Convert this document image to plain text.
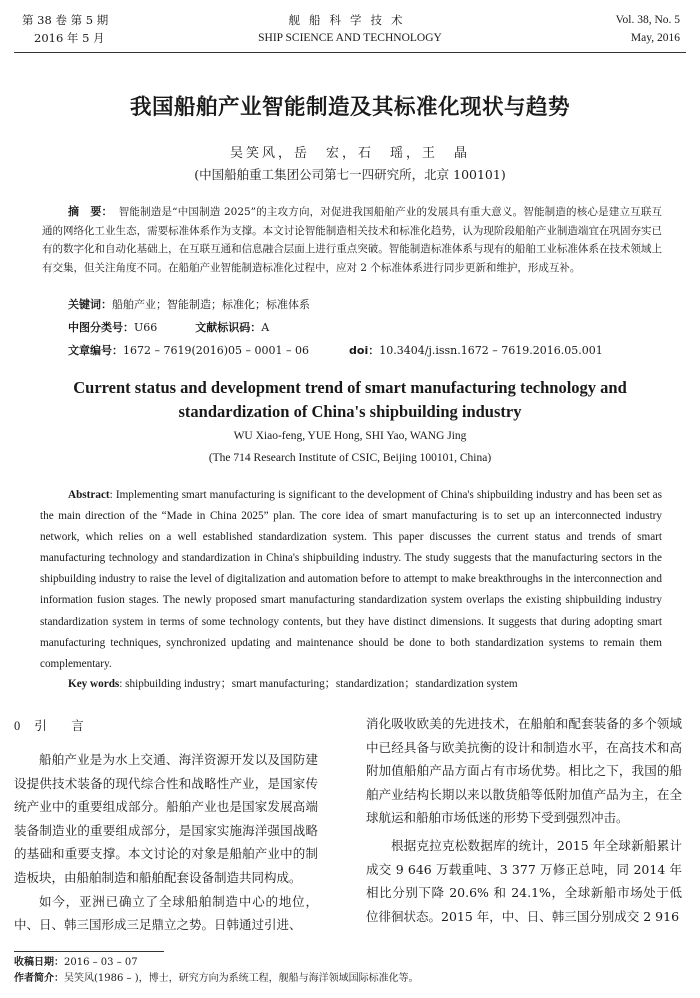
第 38 卷 第 5 期
2016 年 5 月
舰船科学技术
SHIP SCIENCE AND TECHNOLOGY
Vol. 38, No. 5
May, 2016
我国船舶产业智能制造及其标准化现状与趋势
吴笑风，岳　宏，石　瑶，王　晶
(中国船舶重工集团公司第七一四研究所，北京 100101)
摘　要： 智能制造是“中国制造 2025”的主攻方向，对促进我国船舶产业的发展具有重大意义。智能制造的核心是建立互联互通的网络化工业生态，需要标准体系作为支撑。本文讨论智能制造相关技术和标准化趋势，认为现阶段船舶产业制造端宜在巩固夯实已有的数字化和自动化基础上，在互联互通和信息融合层面上进行重点突破。智能制造标准体系与现有的船舶工业标准体系在技术领域上有交集，但关注角度不同。在船舶产业智能制造标准化过程中，应对 2 个标准体系进行同步更新和维护，形成互补。
关键词：船舶产业；智能制造；标准化；标准体系
中图分类号：U66	文献标识码：A
文章编号：1672 – 7619(2016)05 – 0001 – 06	doi：10.3404/j.issn.1672 – 7619.2016.05.001
Current status and development trend of smart manufacturing technology and standardization of China's shipbuilding industry
WU Xiao-feng, YUE Hong, SHI Yao, WANG Jing
(The 714 Research Institute of CSIC, Beijing 100101, China)
Abstract: Implementing smart manufacturing is significant to the development of China's shipbuilding industry and has been set as the main direction of the “Made in China 2025” plan. The core idea of smart manufacturing is to set up an interconnected industry network, which relies on a well established standardization system. This paper discusses the current status and trends of smart manufacturing technology and standardization in China's shipbuilding industry. The study suggests that the manufacturing sectors in the shipbuilding industry to raise the level of digitalization and automation before to attempt to make breakthroughs in the interconnection and information fusion stages. The newly proposed smart manufacturing standardization system overlaps the existing shipbuilding industry standardization system in terms of some technology contents, but they have distinct dimensions. It suggests that during adopting smart manufacturing techniques, synchronized updating and maintenance should be done to both standardization systems to remain them complementary.
Key words: shipbuilding industry；smart manufacturing；standardization；standardization system
0 引　言

船舶产业是为水上交通、海洋资源开发以及国防建设提供技术装备的现代综合性和战略性产业，是国家传统产业中的重要组成部分。船舶产业也是国家发展高端装备制造业的重要组成部分，是国家实施海洋强国战略的基础和重要支撑。本文讨论的对象是船舶产业中的制造板块，由船舶制造和船舶配套设备制造共同构成。

如今，亚洲已确立了全球船舶制造中心的地位，中、日、韩三国形成三足鼎立之势。日韩通过引进、

消化吸收欧美的先进技术，在船舶和配套装备的多个领域中已经具备与欧美抗衡的设计和制造水平，在高技术和高附加值船舶产品方面占有市场优势。相比之下，我国的船舶产业结构长期以来以散货船等低附加值产品为主，在全球航运和船舶市场低迷的形势下受到强烈冲击。

根据克拉克松数据库的统计，2015 年全球新船累计成交 9 646 万载重吨、3 377 万修正总吨，同 2014 年相比分别下降 20.6% 和 24.1%，全球新船市场处于低位徘徊状态。2015 年，中、日、韩三国分别成交 2 916

收稿日期：2016 – 03 – 07
作者简介：吴笑风(1986 – )，博士，研究方向为系统工程，舰船与海洋领域国际标准化等。
